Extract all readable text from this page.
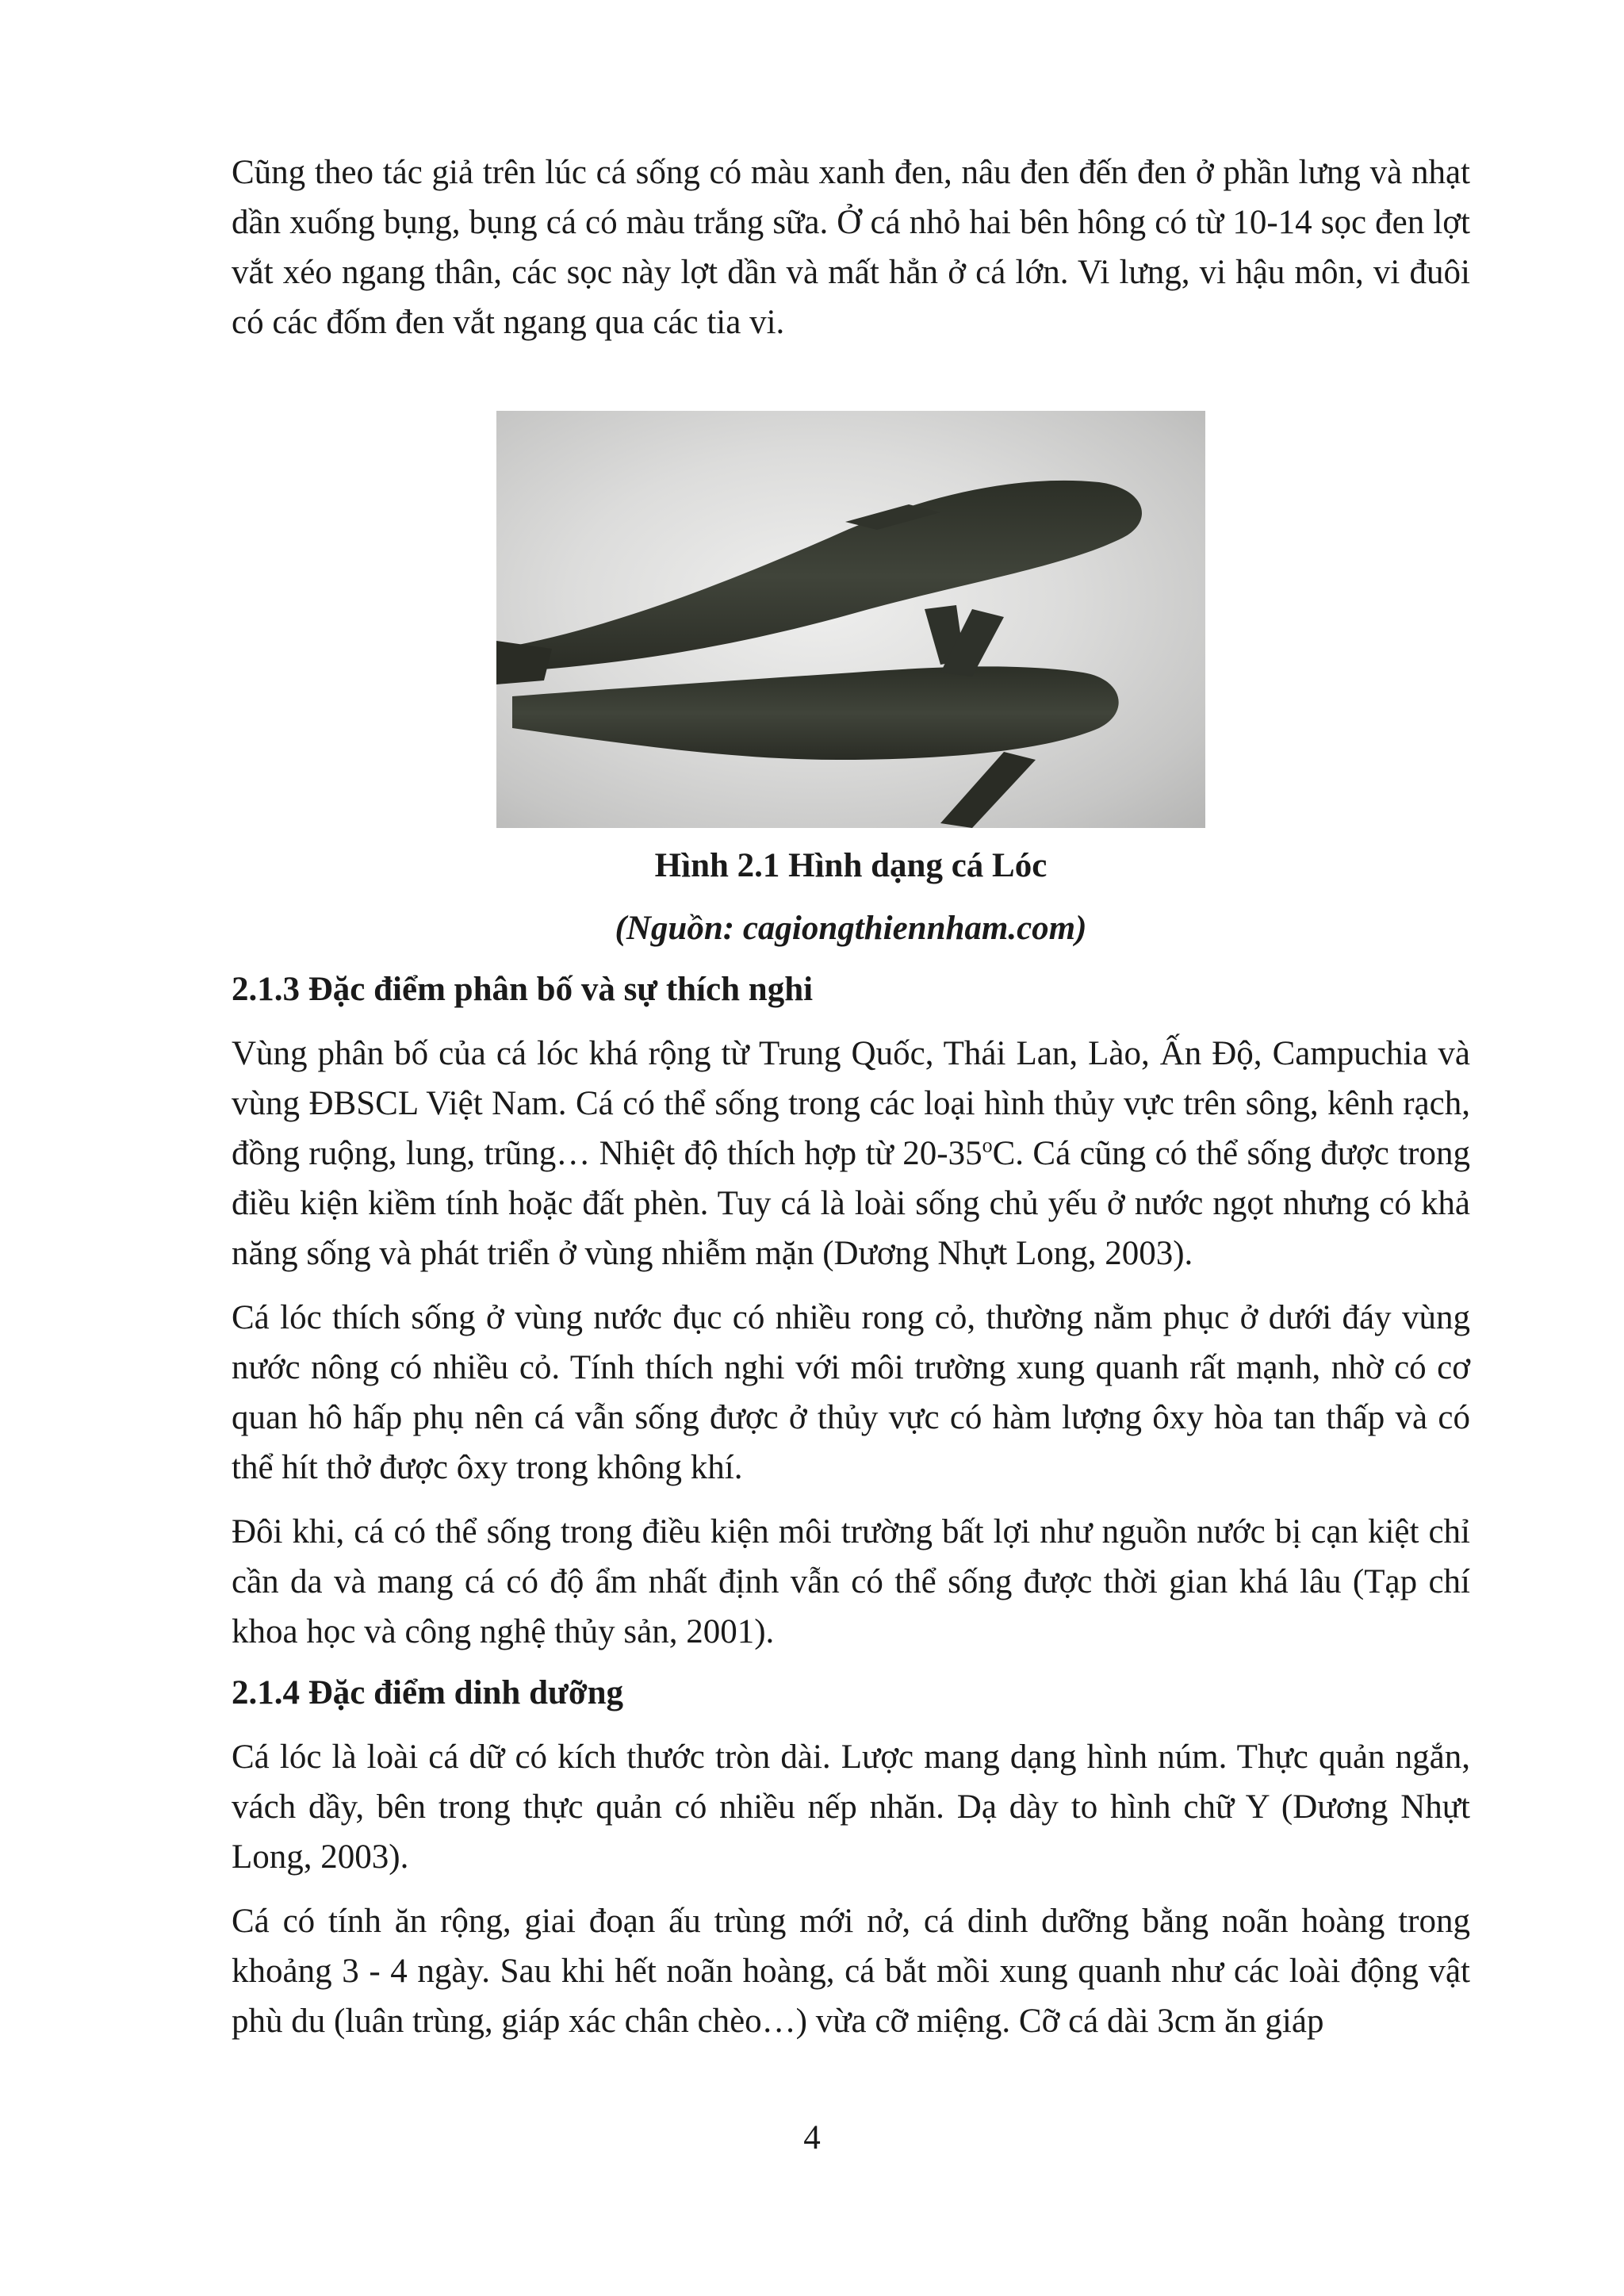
Cũng theo tác giả trên lúc cá sống có màu xanh đen, nâu đen đến đen ở phần lưng và nhạt dần xuống bụng, bụng cá có màu trắng sữa. Ở cá nhỏ hai bên hông có từ 10-14 sọc đen lợt vắt xéo ngang thân, các sọc này lợt dần và mất hẳn ở cá lớn. Vi lưng, vi hậu môn, vi đuôi có các đốm đen vắt ngang qua các tia vi.

Hình 2.1 Hình dạng cá Lóc

(Nguồn: cagiongthiennham.com)

2.1.3 Đặc điểm phân bố và sự thích nghi

Vùng phân bố của cá lóc khá rộng từ Trung Quốc, Thái Lan, Lào, Ấn Độ, Campuchia và vùng ĐBSCL Việt Nam. Cá có thể sống trong các loại hình thủy vực trên sông, kênh rạch, đồng ruộng, lung, trũng… Nhiệt độ thích hợp từ 20-35$^o$C. Cá cũng có thể sống được trong điều kiện kiềm tính hoặc đất phèn. Tuy cá là loài sống chủ yếu ở nước ngọt nhưng có khả năng sống và phát triển ở vùng nhiễm mặn (Dương Nhựt Long, 2003).

Cá lóc thích sống ở vùng nước đục có nhiều rong cỏ, thường nằm phục ở dưới đáy vùng nước nông có nhiều cỏ. Tính thích nghi với môi trường xung quanh rất mạnh, nhờ có cơ quan hô hấp phụ nên cá vẫn sống được ở thủy vực có hàm lượng ôxy hòa tan thấp và có thể hít thở được ôxy trong không khí.

Đôi khi, cá có thể sống trong điều kiện môi trường bất lợi như nguồn nước bị cạn kiệt chỉ cần da và mang cá có độ ẩm nhất định vẫn có thể sống được thời gian khá lâu (Tạp chí khoa học và công nghệ thủy sản, 2001).

2.1.4 Đặc điểm dinh dưỡng

Cá lóc là loài cá dữ có kích thước tròn dài. Lược mang dạng hình núm. Thực quản ngắn, vách dầy, bên trong thực quản có nhiều nếp nhăn. Dạ dày to hình chữ Y (Dương Nhựt Long, 2003).

Cá có tính ăn rộng, giai đoạn ấu trùng mới nở, cá dinh dưỡng bằng noãn hoàng trong khoảng 3 - 4 ngày. Sau khi hết noãn hoàng, cá bắt mồi xung quanh như các loài động vật phù du (luân trùng, giáp xác chân chèo…) vừa cỡ miệng. Cỡ cá dài 3cm ăn giáp

4
